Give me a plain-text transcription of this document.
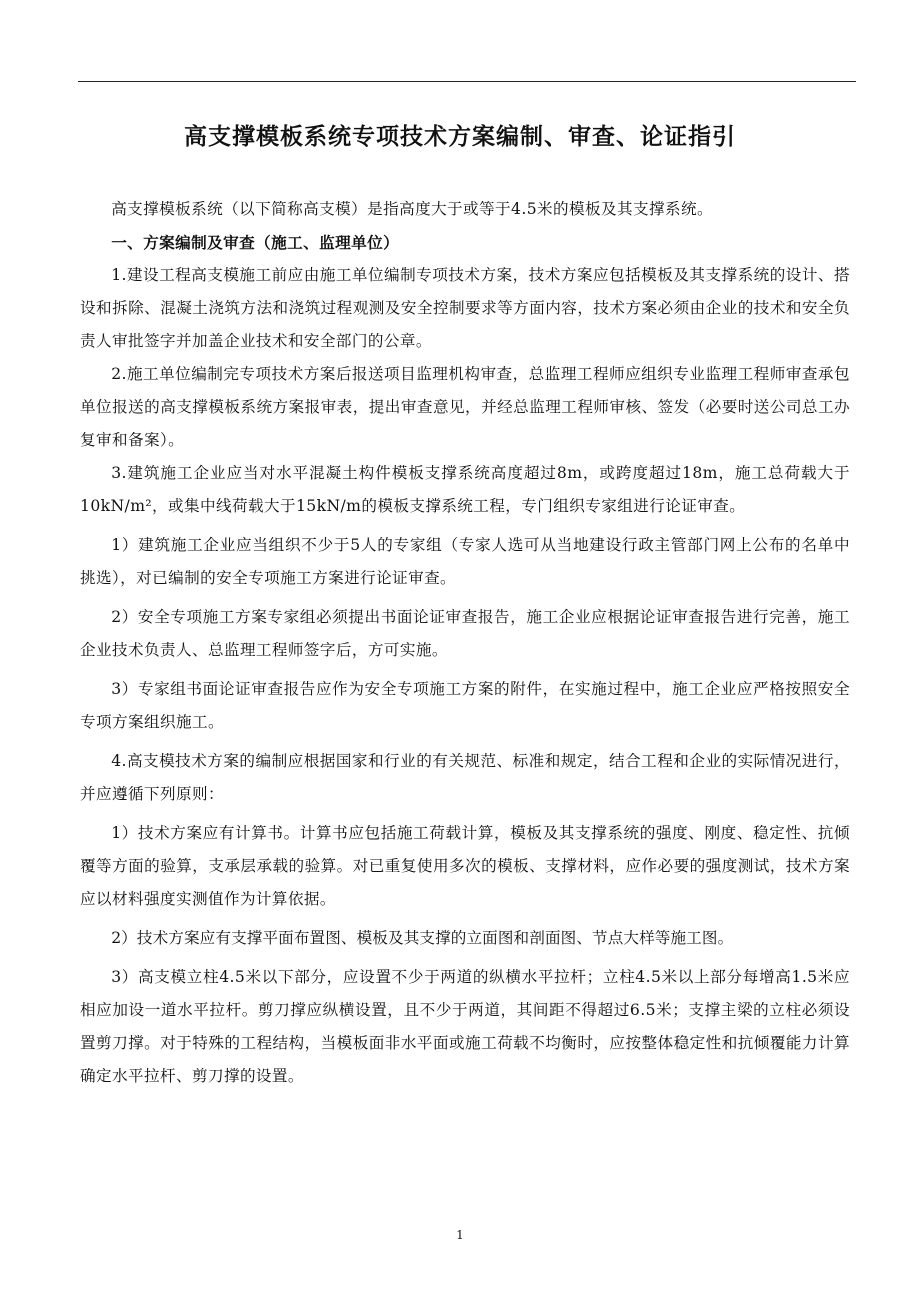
高支撑模板系统专项技术方案编制、审查、论证指引

高支撑模板系统（以下简称高支模）是指高度大于或等于4.5米的模板及其支撑系统。

一、方案编制及审查（施工、监理单位）

1.建设工程高支模施工前应由施工单位编制专项技术方案，技术方案应包括模板及其支撑系统的设计、搭设和拆除、混凝土浇筑方法和浇筑过程观测及安全控制要求等方面内容，技术方案必须由企业的技术和安全负责人审批签字并加盖企业技术和安全部门的公章。

2.施工单位编制完专项技术方案后报送项目监理机构审查，总监理工程师应组织专业监理工程师审查承包单位报送的高支撑模板系统方案报审表，提出审查意见，并经总监理工程师审核、签发（必要时送公司总工办复审和备案）。

3.建筑施工企业应当对水平混凝土构件模板支撑系统高度超过8m，或跨度超过18m，施工总荷载大于10kN/m²，或集中线荷载大于15kN/m的模板支撑系统工程，专门组织专家组进行论证审查。

1）建筑施工企业应当组织不少于5人的专家组（专家人选可从当地建设行政主管部门网上公布的名单中挑选），对已编制的安全专项施工方案进行论证审查。

2）安全专项施工方案专家组必须提出书面论证审查报告，施工企业应根据论证审查报告进行完善，施工企业技术负责人、总监理工程师签字后，方可实施。

3）专家组书面论证审查报告应作为安全专项施工方案的附件，在实施过程中，施工企业应严格按照安全专项方案组织施工。

4.高支模技术方案的编制应根据国家和行业的有关规范、标准和规定，结合工程和企业的实际情况进行，并应遵循下列原则：

1）技术方案应有计算书。计算书应包括施工荷载计算，模板及其支撑系统的强度、刚度、稳定性、抗倾覆等方面的验算，支承层承载的验算。对已重复使用多次的模板、支撑材料，应作必要的强度测试，技术方案应以材料强度实测值作为计算依据。

2）技术方案应有支撑平面布置图、模板及其支撑的立面图和剖面图、节点大样等施工图。

3）高支模立柱4.5米以下部分，应设置不少于两道的纵横水平拉杆；立柱4.5米以上部分每增高1.5米应相应加设一道水平拉杆。剪刀撑应纵横设置，且不少于两道，其间距不得超过6.5米；支撑主梁的立柱必须设置剪刀撑。对于特殊的工程结构，当模板面非水平面或施工荷载不均衡时，应按整体稳定性和抗倾覆能力计算确定水平拉杆、剪刀撑的设置。

1
